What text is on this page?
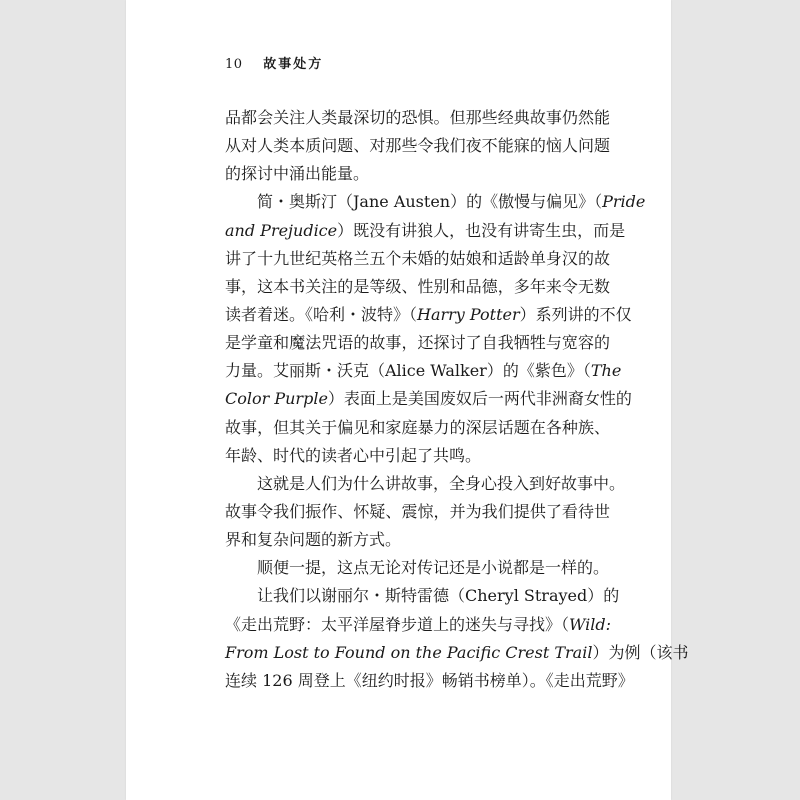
10 故事处方
品都会关注人类最深切的恐惧。但那些经典故事仍然能
从对人类本质问题、对那些令我们夜不能寐的恼人问题
的探讨中涌出能量。
简・奥斯汀（Jane Austen）的《傲慢与偏见》（Pride
and Prejudice）既没有讲狼人，也没有讲寄生虫，而是
讲了十九世纪英格兰五个未婚的姑娘和适龄单身汉的故
事，这本书关注的是等级、性别和品德，多年来令无数
读者着迷。《哈利・波特》（Harry Potter）系列讲的不仅
是学童和魔法咒语的故事，还探讨了自我牺牲与宽容的
力量。艾丽斯・沃克（Alice Walker）的《紫色》（The
Color Purple）表面上是美国废奴后一两代非洲裔女性的
故事，但其关于偏见和家庭暴力的深层话题在各种族、
年龄、时代的读者心中引起了共鸣。
这就是人们为什么讲故事，全身心投入到好故事中。
故事令我们振作、怀疑、震惊，并为我们提供了看待世
界和复杂问题的新方式。
顺便一提，这点无论对传记还是小说都是一样的。
让我们以谢丽尔・斯特雷德（Cheryl Strayed）的
《走出荒野：太平洋屋脊步道上的迷失与寻找》（Wild:
From Lost to Found on the Pacific Crest Trail）为例（该书
连续 126 周登上《纽约时报》畅销书榜单）。《走出荒野》
